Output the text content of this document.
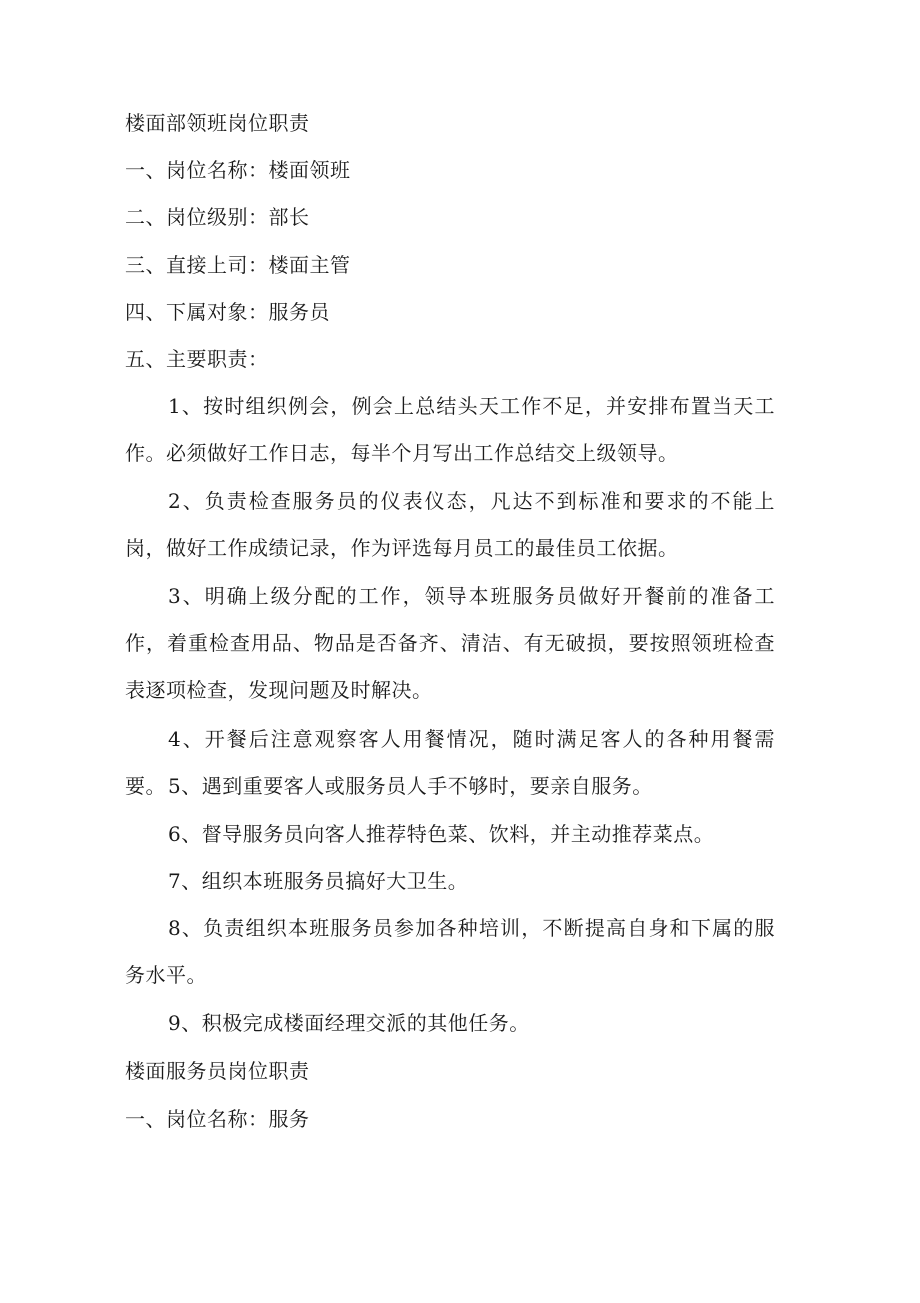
楼面部领班岗位职责
一、岗位名称：楼面领班
二、岗位级别：部长
三、直接上司：楼面主管
四、下属对象：服务员
五、主要职责：
1、按时组织例会，例会上总结头天工作不足，并安排布置当天工作。必须做好工作日志，每半个月写出工作总结交上级领导。
2、负责检查服务员的仪表仪态，凡达不到标准和要求的不能上岗，做好工作成绩记录，作为评选每月员工的最佳员工依据。
3、明确上级分配的工作，领导本班服务员做好开餐前的准备工作，着重检查用品、物品是否备齐、清洁、有无破损，要按照领班检查表逐项检查，发现问题及时解决。
4、开餐后注意观察客人用餐情况，随时满足客人的各种用餐需要。 5、遇到重要客人或服务员人手不够时，要亲自服务。
6、督导服务员向客人推荐特色菜、饮料，并主动推荐菜点。
7、组织本班服务员搞好大卫生。
8、负责组织本班服务员参加各种培训，不断提高自身和下属的服务水平。
9、积极完成楼面经理交派的其他任务。
楼面服务员岗位职责
一、岗位名称：服务
